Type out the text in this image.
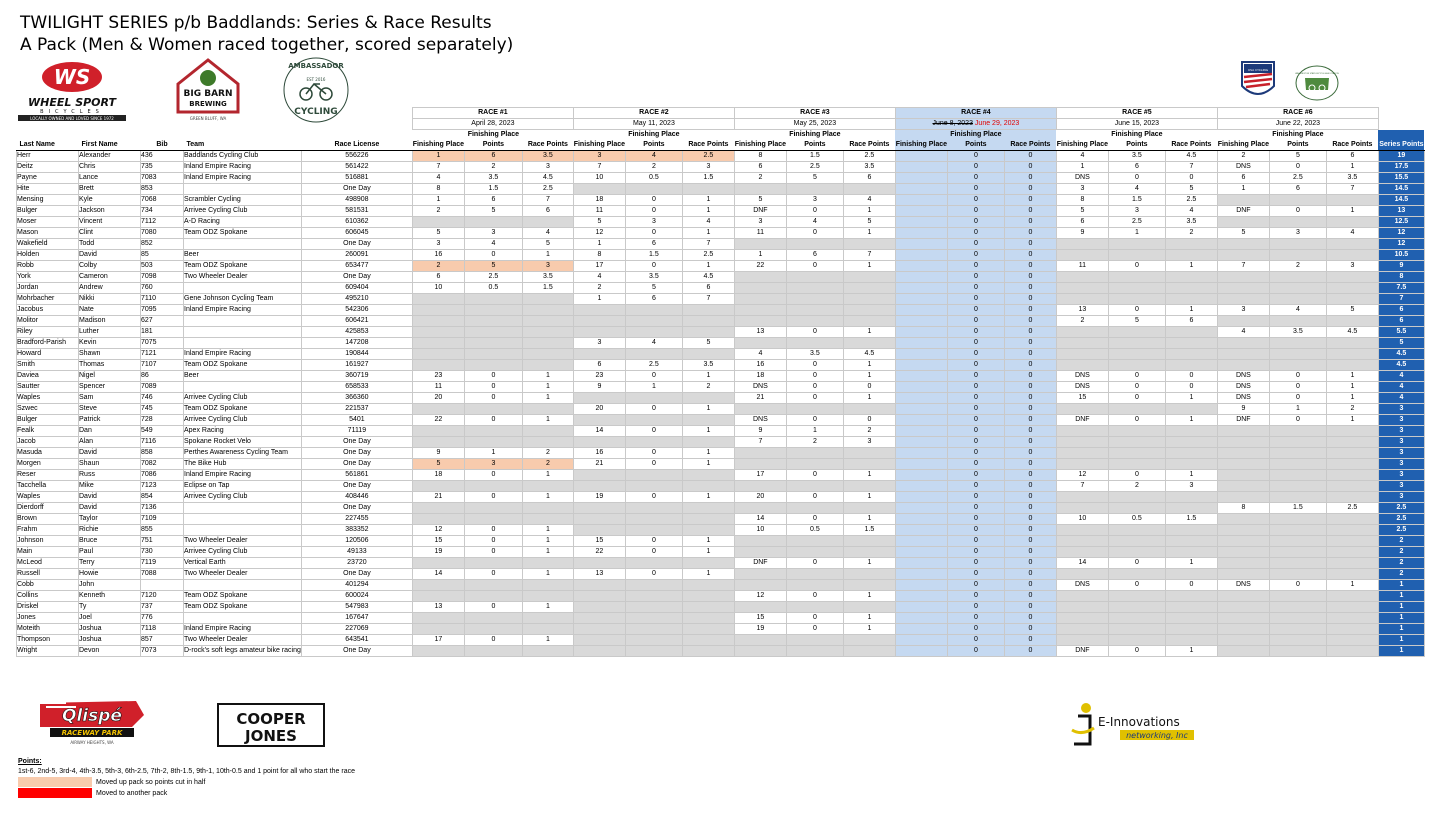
TWILIGHT SERIES p/b Baddlands: Series & Race Results
A Pack (Men & Women raced together, scored separately)
WS
WHEEL SPORT
BICYCLES
LOCALLY OWNED AND LOVED SINCE 1972
BIG BARN
BREWING
GREEN BLUFF, WA
AMBASSADOR
EST 2016
CYCLING
USA CYCLING
WASHINGTON STATE BICYCLE ASSOCIATION
					RACE #1			RACE #2			RACE #3			RACE #4			RACE #5			RACE #6			
					April 28, 2023			May 11, 2023			May 25, 2023			June 8, 2023 June 29, 2023			June 15, 2023			June 22, 2023			
Last Name	First Name	Bib	Team	Race License	Finishing Place	Finishing Place Points	Race Points	Finishing Place	Finishing Place Points	Race Points	Finishing Place	Finishing Place Points	Race Points	Finishing Place	Finishing Place Points	Race Points	Finishing Place	Finishing Place Points	Race Points	Finishing Place	Finishing Place Points	Race Points	Series Points
Herr	Alexander	436	Baddlands Cycling Club	556226	1	6	3.5	3	4	2.5	8	1.5	2.5		0	0	4	3.5	4.5	2	5	6	19
Deitz	Chris	735	Inland Empire Racing	561422	7	2	3	7	2	3	6	2.5	3.5		0	0	1	6	7	DNS	0	1	17.5
Payne	Lance	7083	Inland Empire Racing	516881	4	3.5	4.5	10	0.5	1.5	2	5	6		0	0	DNS	0	0	6	2.5	3.5	15.5
Hite	Brett	853		One Day	8	1.5	2.5								0	0	3	4	5	1	6	7	14.5
Mensing	Kyle	7068	Scrambler Cycling	498908	1	6	7	18	0	1	5	3	4		0	0	8	1.5	2.5				14.5
Bulger	Jackson	734	Arrivee Cycling Club	581531	2	5	6	11	0	1	DNF	0	1		0	0	5	3	4	DNF	0	1	13
Moser	Vincent	7112	A-D Racing	610362				5	3	4	3	4	5		0	0	6	2.5	3.5				12.5
Mason	Clint	7080	Team ODZ Spokane	606045	5	3	4	12	0	1	11	0	1		0	0	9	1	2	5	3	4	12
Wakefield	Todd	852		One Day	3	4	5	1	6	7					0	0							12
Holden	David	85	Beer	260091	16	0	1	8	1.5	2.5	1	6	7		0	0							10.5
Robb	Colby	503	Team ODZ Spokane	653477	2	5	3	17	0	1	22	0	1		0	0	11	0	1	7	2	3	9
York	Cameron	7098	Two Wheeler Dealer	One Day	6	2.5	3.5	4	3.5	4.5					0	0							8
Jordan	Andrew	760		609404	10	0.5	1.5	2	5	6					0	0							7.5
Mohrbacher	Nikki	7110	Gene Johnson Cycling Team	495210				1	6	7					0	0							7
Jacobus	Nate	7095	Inland Empire Racing	542306											0	0	13	0	1	3	4	5	6
Molitor	Madison	627		606421											0	0	2	5	6				6
Riley	Luther	181		425853							13	0	1		0	0				4	3.5	4.5	5.5
Bradford-Parish	Kevin	7075		147208				3	4	5					0	0							5
Howard	Shawn	7121	Inland Empire Racing	190844							4	3.5	4.5		0	0							4.5
Smith	Thomas	7107	Team ODZ Spokane	161927				6	2.5	3.5	16	0	1		0	0							4.5
Daviea	Nigel	86	Beer	360719	23	0	1	23	0	1	18	0	1		0	0	DNS	0	0	DNS	0	1	4
Sautter	Spencer	7089		658533	11	0	1	9	1	2	DNS	0	0		0	0	DNS	0	0	DNS	0	1	4
Waples	Sam	746	Arrivee Cycling Club	366360	20	0	1				21	0	1		0	0	15	0	1	DNS	0	1	4
Szwec	Steve	745	Team ODZ Spokane	221537				20	0	1					0	0				9	1	2	3
Bulger	Patrick	728	Arrivee Cycling Club	5401	22	0	1				DNS	0	0		0	0	DNF	0	1	DNF	0	1	3
Fealk	Dan	549	Apex Racing	71119				14	0	1	9	1	2		0	0							3
Jacob	Alan	7116	Spokane Rocket Velo	One Day							7	2	3		0	0							3
Masuda	David	858	Perthes Awareness Cycling Team	One Day	9	1	2	16	0	1					0	0							3
Morgen	Shaun	7082	The Bike Hub	One Day	5	3	2	21	0	1					0	0							3
Reser	Russ	7086	Inland Empire Racing	561861	18	0	1				17	0	1		0	0	12	0	1				3
Tacchella	Mike	7123	Eclipse on Tap	One Day											0	0	7	2	3				3
Waples	David	854	Arrivee Cycling Club	408446	21	0	1	19	0	1	20	0	1		0	0							3
Dierdorff	David	7136		One Day											0	0				8	1.5	2.5	2.5
Brown	Taylor	7109		227455							14	0	1		0	0	10	0.5	1.5				2.5
Frahm	Richie	855		383352	12	0	1				10	0.5	1.5		0	0							2.5
Johnson	Bruce	751	Two Wheeler Dealer	120506	15	0	1	15	0	1					0	0							2
Main	Paul	730	Arrivee Cycling Club	49133	19	0	1	22	0	1					0	0							2
McLeod	Terry	7119	Vertical Earth	23720							DNF	0	1		0	0	14	0	1				2
Russell	Howie	7088	Two Wheeler Dealer	One Day	14	0	1	13	0	1					0	0							2
Cobb	John			401294											0	0	DNS	0	0	DNS	0	1	1
Collins	Kenneth	7120	Team ODZ Spokane	600024							12	0	1		0	0							1
Driskel	Ty	737	Team ODZ Spokane	547983	13	0	1								0	0							1
Jones	Joel	776		167647							15	0	1		0	0							1
Moteith	Joshua	7118	Inland Empire Racing	227069							19	0	1		0	0							1
Thompson	Joshua	857	Two Wheeler Dealer	643541	17	0	1								0	0							1
Wright	Devon	7073	D-rock's soft legs amateur bike racing	One Day											0	0	DNF	0	1				1
Qlispé
RACEWAY PARK
AIRWAY HEIGHTS, WA
COOPER
JONES
E-Innovations
networking, Inc
Points:
1st-6, 2nd-5, 3rd-4, 4th-3.5, 5th-3, 6th-2.5, 7th-2, 8th-1.5, 9th-1, 10th-0.5 and 1 point for all who start the race
Moved up pack so points cut in half
Moved to another pack
